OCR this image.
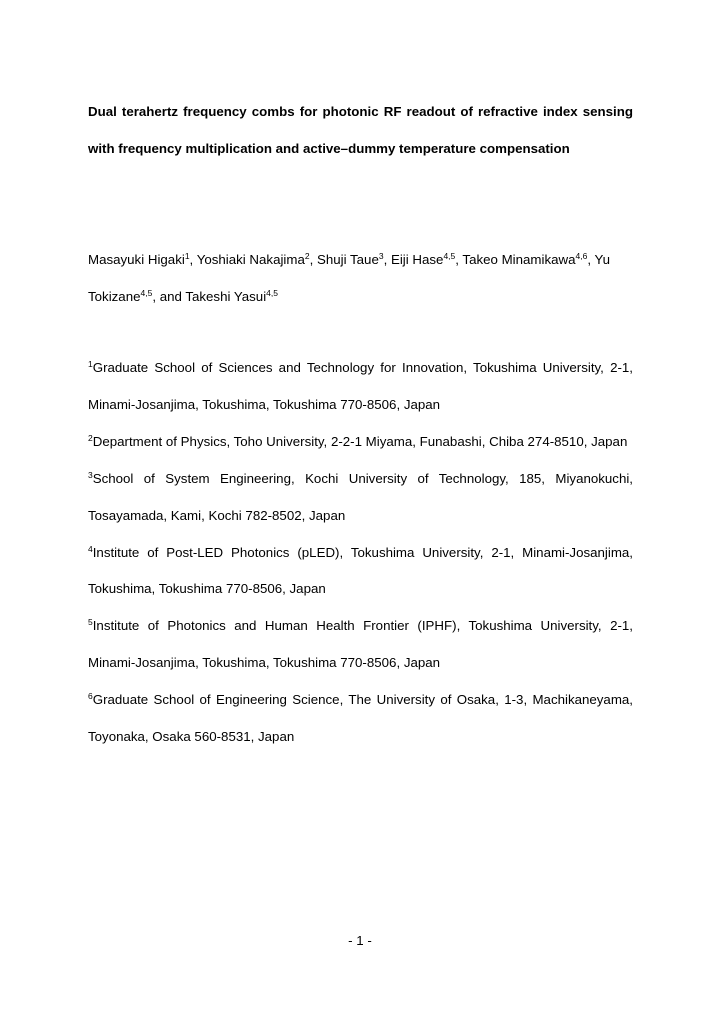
Dual terahertz frequency combs for photonic RF readout of refractive index sensing with frequency multiplication and active–dummy temperature compensation

Masayuki Higaki$^1$, Yoshiaki Nakajima$^2$, Shuji Taue$^3$, Eiji Hase$^{4,5}$, Takeo Minamikawa$^{4,6}$, Yu Tokizane$^{4,5}$, and Takeshi Yasui$^{4,5}$

$^1$Graduate School of Sciences and Technology for Innovation, Tokushima University, 2-1, Minami-Josanjima, Tokushima, Tokushima 770-8506, Japan

$^2$Department of Physics, Toho University, 2-2-1 Miyama, Funabashi, Chiba 274-8510, Japan

$^3$School of System Engineering, Kochi University of Technology, 185, Miyanokuchi, Tosayamada, Kami, Kochi 782-8502, Japan

$^4$Institute of Post-LED Photonics (pLED), Tokushima University, 2-1, Minami-Josanjima, Tokushima, Tokushima 770-8506, Japan

$^5$Institute of Photonics and Human Health Frontier (IPHF), Tokushima University, 2-1, Minami-Josanjima, Tokushima, Tokushima 770-8506, Japan

$^6$Graduate School of Engineering Science, The University of Osaka, 1-3, Machikaneyama, Toyonaka, Osaka 560-8531, Japan

- 1 -
